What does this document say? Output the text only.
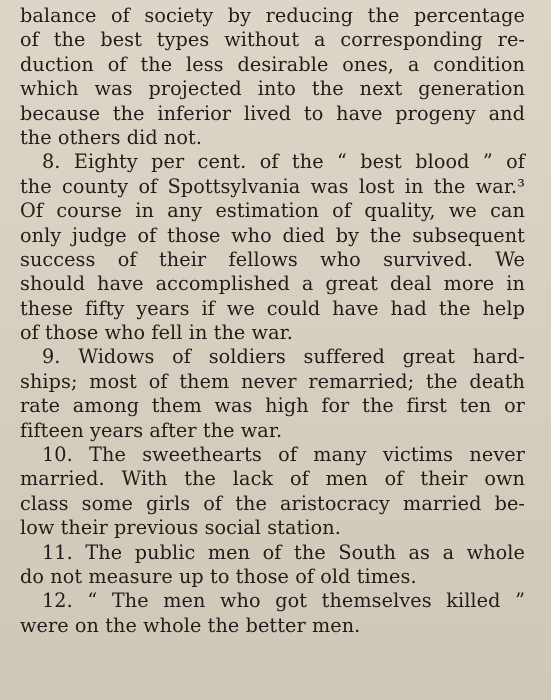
balance of society by reducing the percentage
of the best types without a corresponding re-
duction of the less desirable ones, a condition
which was projected into the next generation
because the inferior lived to have progeny and
the others did not.
8. Eighty per cent. of the “ best blood ” of
the county of Spottsylvania was lost in the war.³
Of course in any estimation of quality, we can
only judge of those who died by the subsequent
success of their fellows who survived. We
should have accomplished a great deal more in
these fifty years if we could have had the help
of those who fell in the war.
9. Widows of soldiers suffered great hard-
ships; most of them never remarried; the death
rate among them was high for the first ten or
fifteen years after the war.
10. The sweethearts of many victims never
married. With the lack of men of their own
class some girls of the aristocracy married be-
low their previous social station.
11. The public men of the South as a whole
do not measure up to those of old times.
12. “ The men who got themselves killed ”
were on the whole the better men.
